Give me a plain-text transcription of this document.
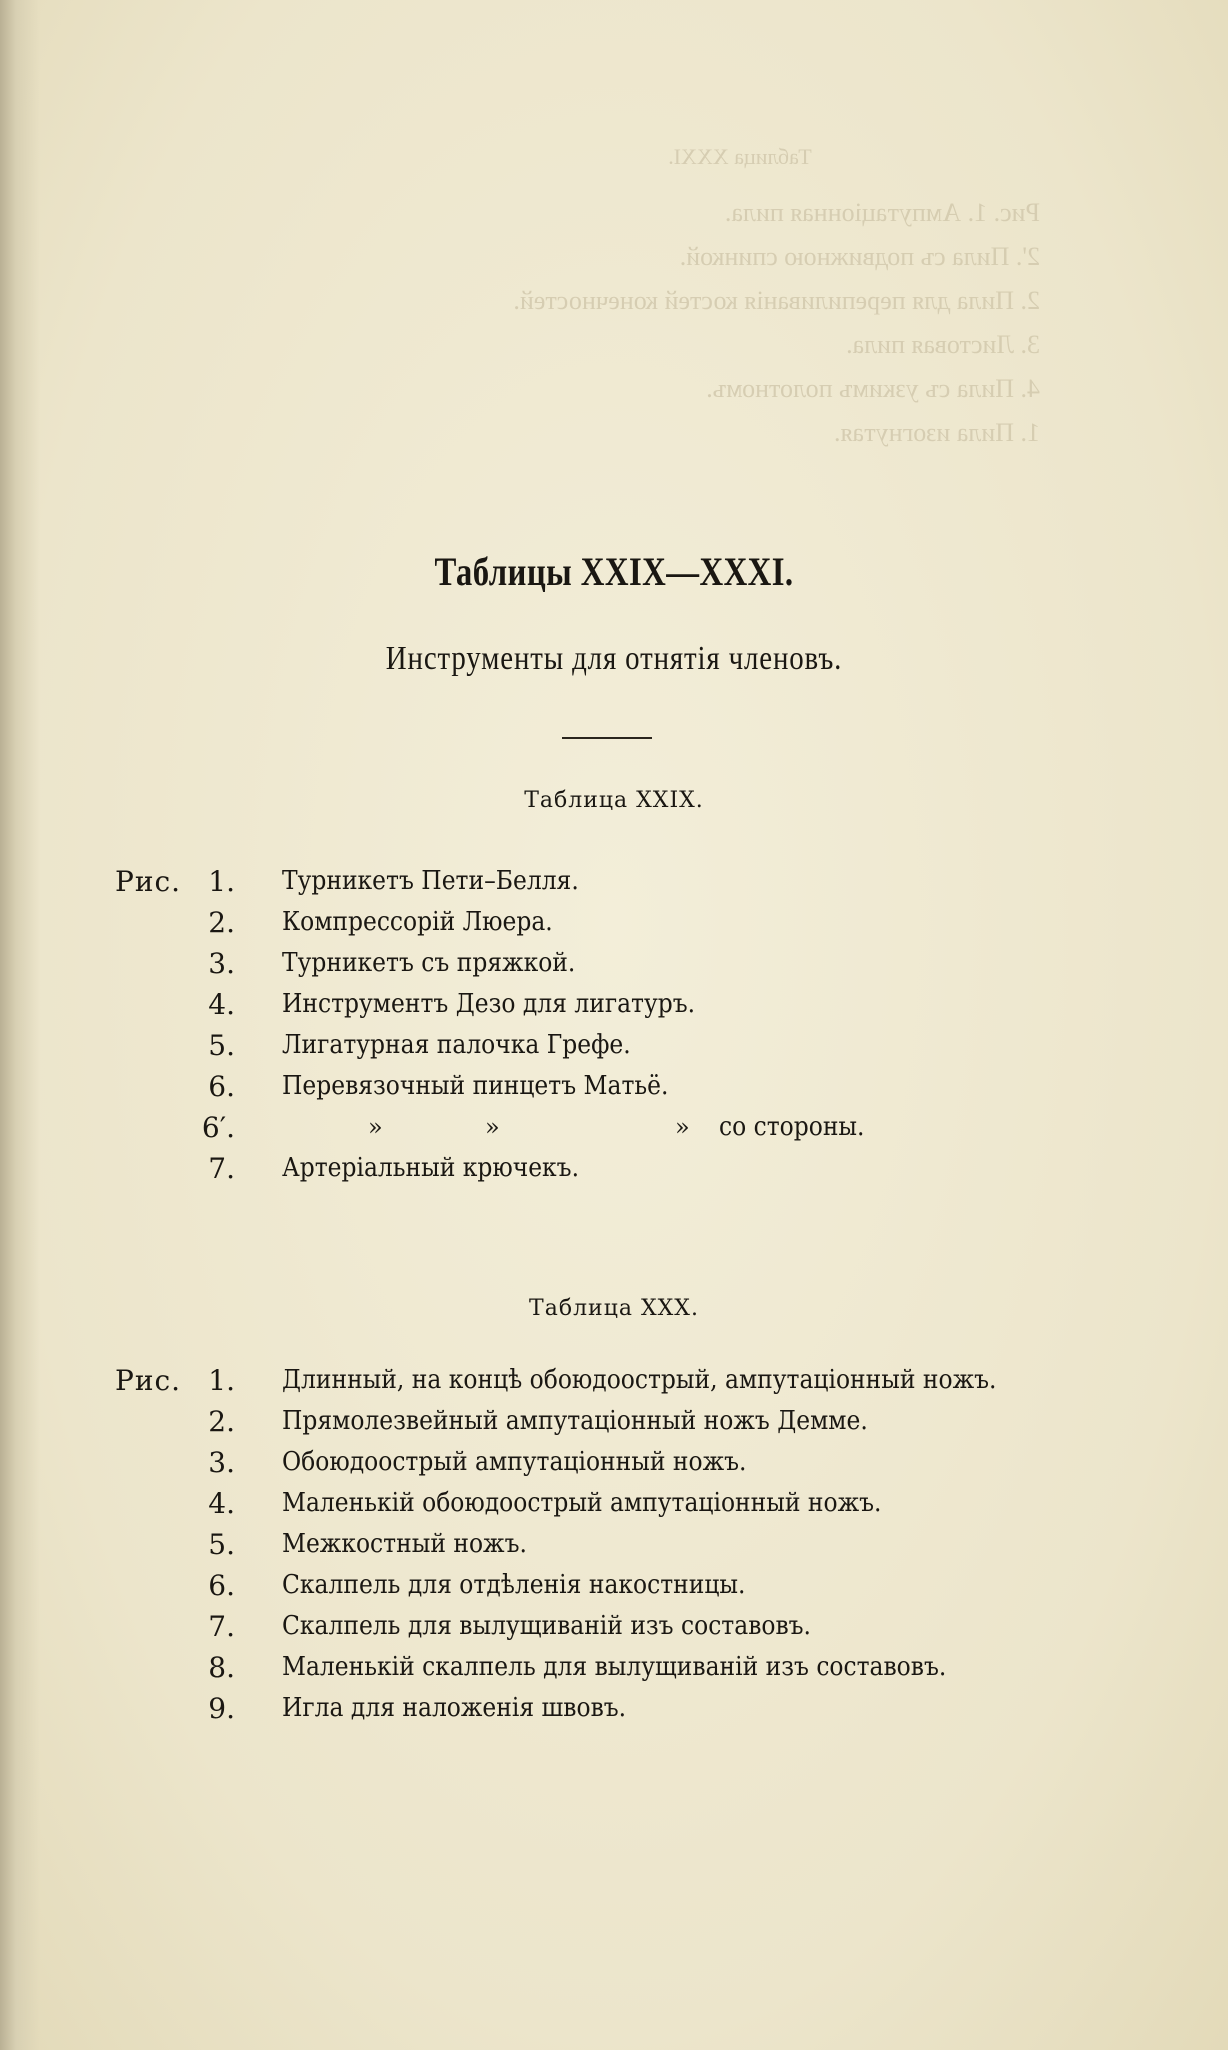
Таблица XXXI.
Рис. 1. Ампутаціонная пила.
2'. Пила съ подвижною спинкой.
2. Пила для перепиливанія костей конечностей.
3. Листовая пила.
4. Пила съ узкимъ полотномъ.
1. Пила изогнутая.
Таблицы XXIX—XXXI.
Инструменты для отнятія членовъ.
Таблица XXIX.
Рис. 1. Турникетъ Пети–Белля.
2. Компрессорій Люера.
3. Турникетъ съ пряжкой.
4. Инструментъ Дезо для лигатуръ.
5. Лигатурная палочка Грефе.
6. Перевязочный пинцетъ Матьё.
6′.	»	»	» со стороны.
7. Артеріальный крючекъ.
Таблица XXX.
Рис. 1. Длинный, на концѣ обоюдоострый, ампутаціонный ножъ.
2. Прямолезвейный ампутаціонный ножъ Демме.
3. Обоюдоострый ампутаціонный ножъ.
4. Маленькій обоюдоострый ампутаціонный ножъ.
5. Межкостный ножъ.
6. Скалпель для отдѣленія накостницы.
7. Скалпель для вылущиваній изъ составовъ.
8. Маленькій скалпель для вылущиваній изъ составовъ.
9. Игла для наложенія швовъ.
